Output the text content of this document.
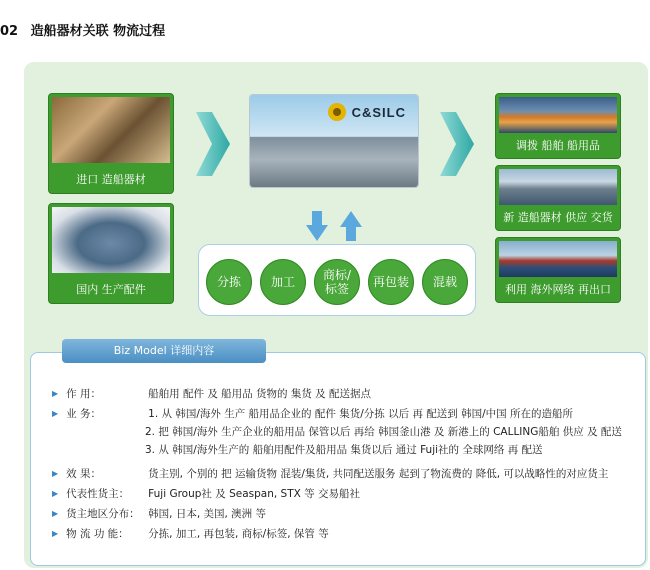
02 造船器材关联 物流过程
进口 造船器材
国内 生产配件
C&SILC
分拣	加工	商标/
标签	再包装	混载
调拨 船舶 船用品
新 造船器材 供应 交货
利用 海外网络 再出口
Biz Model 详细内容
▶ 作 用：	船舶用 配件 及 船用品 货物的 集货 及 配送据点
▶ 业 务：	1. 从 韩国/海外 生产 船用品企业的 配件 集货/分拣 以后 再 配送到 韩国/中国 所在的造船所
2. 把 韩国/海外 生产企业的船用品 保管以后 再给 韩国釜山港 及 新港上的 CALLING船舶 供应 及 配送
3. 从 韩国/海外生产的 船舶用配件及船用品 集货以后 通过 Fuji社的 全球网络 再 配送
▶ 效 果：	货主别, 个别的 把 运输货物 混装/集货, 共同配送服务 起到了物流费的 降低, 可以战略性的对应货主
▶ 代表性货主： Fuji Group社 及 Seaspan, STX 等 交易船社
▶ 货主地区分布： 韩国, 日本, 美国, 澳洲 等
▶ 物 流 功 能： 分拣, 加工, 再包装, 商标/标签, 保管 等
